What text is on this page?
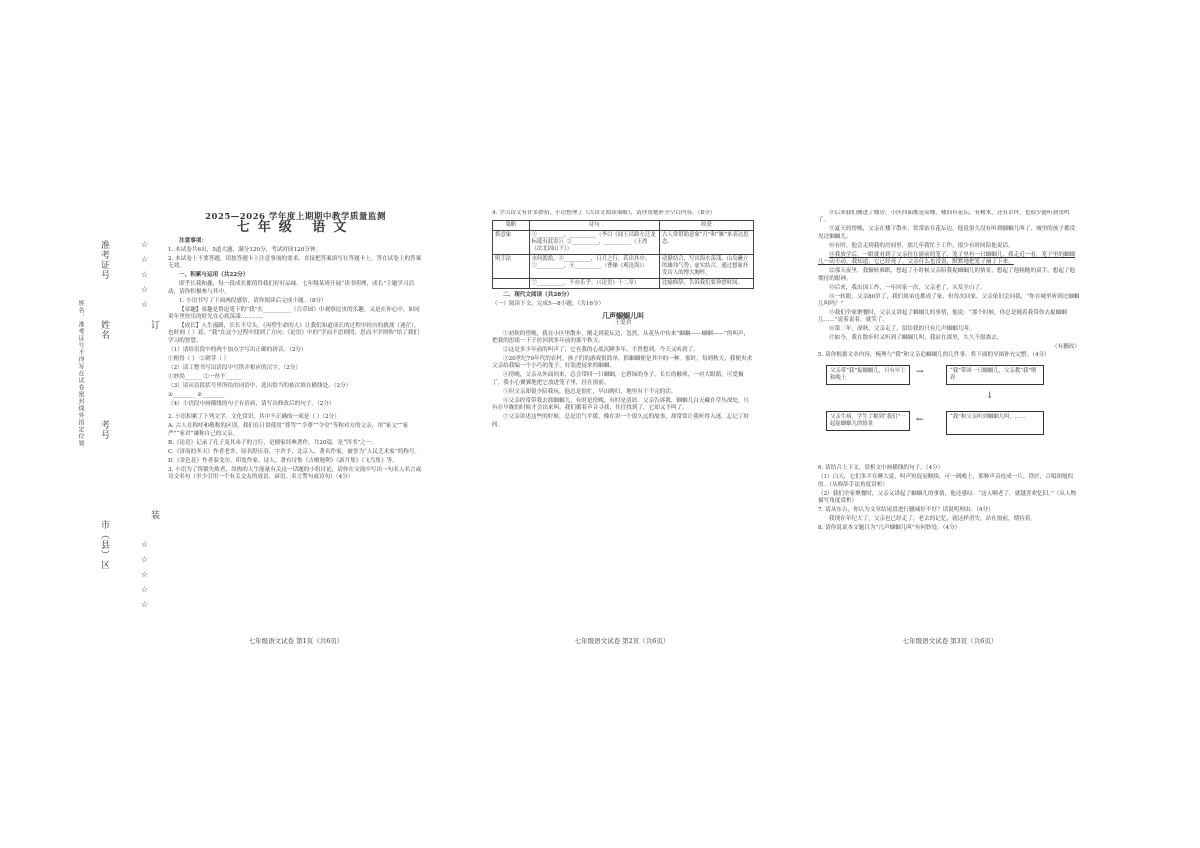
☆☆☆☆☆
☆☆☆☆☆
准考证号
姓名
考号
市（县）区
姓名、准考证号不得写在试卷密封线外指定位置	订
装
2025—2026 学年度上期期中教学质量监测
七年级 语文

注意事项：

1. 本试卷共6页，5道大题，满分120分，考试时间120分钟。

2. 本试卷上不要答题，请按答题卡上注意事项的要求，直接把答案填写在答题卡上。答在试卷上的答案无效。

一、积累与运用（共22分）

即乎长我和鑫，每一段成长都值得我们好好品味。七年级某班开展“读书明理，成长”主题学习活动，请你积极参与其中。

1. 小语书写了下面两段感悟，请你阅读后完成小题。（8分）

【童趣】童趣是鲁迅笔下的“我”在__________（百草园）中观察昆虫的乐趣，又是在你心中，如同童年里快乐的时光在心底荡漾…………

【成长】人生漫路，长长不尽头。《再塑生命的人》让我们知道成长的过程中经历的挑战（迷茫），也时刻（ ）着，“我”在这个过程中找到了方向；《论语》中的“学而不思则罔，思而不学则殆”给了我们学习的智慧。

（1）请给语段中的两个加点字写出正确的拼音。（2分）

①酌得（ ） ②刺芽（ ）

（2）请工整书写出语段中写错并相应的汉字。（2分）

①妙尚______ ②一丝不______

（3）请从语段括号里所给的词语中，选出恰当的依次填在横线处。（2分）

①________ ②________

（4）小语段中画横线的句子有语病，请写出修改后的句子。（2分）

2. 小语积累了下列文学、文化常识，其中不正确的一项是（ ）（2分）

A. 古人在称呼和敬称的区别，我们在日常使用“尊驾”“令尊”“令堂”等称对方的父亲，用“家父”“家严”“家君”谦称自己的父亲。

B.《论语》记录了孔子及其弟子的言行，是儒家经典著作，共20篇，是“四书”之一。

C.《济南的冬天》作者老舍，原名舒庆春，字舍予，北京人，著名作家，被誉为“人民艺术家”的称号。

D.《金色花》作者泰戈尔，印度作家、诗人，著有诗集《吉檀迦利》《新月集》《飞鸟集》等。

3. 小语为了铸锻失败者，昂热的人生能量有关这一话题的小组讨论，请你在交流中写出一句名人名言或诗文名句（至少引用一个有关交友的成语、谚语、名言警句或诗句）（4分）

七年级语文试卷 第1页（共6页）

4. 学古诗文有许多妙招，小语整理了《古诗文阅读策略》，请你帮她补全空白内容。（8分）

策略	诗句	收获
抓意象	①__________，__________（李白《闻王昌龄左迁龙标遥有此寄》）②__________，__________（王湾《次北固山下》）	古人常借助意象“月”和“雁”来表达思念。
明手法	水何澹澹，③__________，日月之行，若出其中；⑤__________，⑥__________（曹操《观沧海》）	动静结合，写出海水荡漾、山岛矗立的雄伟气势；虚实结合，通过想象抒发诗人的博大胸怀。
	⑦__________，不亦乐乎。（《论语》十二章）	比喻修辞，告诉我们要珍惜时间。

二、现代文阅读（共28分）

（一）阅读下文，完成5—8小题。（共16分）

几声蝈蝈儿叫
王爱君

①初秋的傍晚，我在小区里散步，刚走到花坛边，忽然，从花丛中传来“蝈蝈——蝈蝈——”的叫声，把我的思绪一下子拉回到多年前的那个秋天。

②这是多少年前的叫声了，它在我的心底沉睡多年，不曾想到，今天又听到了。

③20世纪70年代的农村，孩子们的游戏很简单，抓蝈蝈便是其中的一种。那时，每到秋天，我便央求父亲给我编一个小巧的笼子，好装进捉来的蝈蝈。

④傍晚，父亲从外面回来，总会带回一只蝈蝈，它碧绿的身子，长长的触须，一对大眼睛，可爱极了。我小心翼翼地把它放进笼子里，挂在窗前。

⑤但父亲却很少陪我玩，他总是很忙，早出晚归，地里有干不完的活。

⑥父亲经常带我去抓蝈蝈儿，有时是傍晚，有时是清晨。父亲告诉我，蝈蝈儿白天藏在草丛深处，只有在早晚的时候才会出来叫。我们循着声音寻找，往往找到了，它却又不叫了。

⑦父亲讲述这些的时候，总是语气平缓，像在讲一个很久远的故事，却常常让我听得入迷，忘记了时间。

七年级语文试卷 第2页（共6页）

⑧后来我们搬进了楼房，小区四面都是高楼，楼间有花坛，有树木，还有草坪，也很少能听到虫鸣了。

⑨夏天的傍晚，父亲在楼下散步，常常站在花坛边，他说很久没有听到蝈蝈儿叫了，城里的孩子都没见过蝈蝈儿。

⑩有时，他会走到我的房间里，那几年我忙于工作，很少有时间陪他说话。

⑪我放学后，一眼就看到了父亲挂在窗前的笼子，笼子里有一只蝈蝈儿，我走近一看，笼子里的蝈蝈儿一动不动，我知道，它已经死了。父亲什么也没说，默默地把笼子摘了下来。

⑫那天夜里，我辗转难眠，想起了小时候父亲陪我捉蝈蝈儿的情景，想起了他粗糙的双手，想起了他期待的眼神。

⑬后来，我出国工作，一年回家一次，父亲老了，头发全白了。

⑭一转眼，父亲80岁了，我们姐弟也都成了家，但每次回家，父亲依旧会问我，“你在城里听到过蝈蝈儿叫吗？”

⑮我们全家聚餐时，父亲又讲起了蝈蝈儿的事情，他说：“那个时候，你总是缠着我带你去捉蝈蝈儿……”说着说着，就笑了。

⑯第二年，深秋，父亲走了，留给我的只有几声蝈蝈儿叫。

⑰如今，我在散步时又听到了蝈蝈儿叫，我站在那里，久久不愿离去。

（有删改）

5. 请你根据文章内容，梳理与“我”和父亲追蝈蝈儿的几件事，将下面的导图补充完整。（4分）

父亲带“我”捉蝈蝈儿，只有早上和晚上
→	“我”带回一只蝈蝈儿，父亲教“我”喂养
↓
“我”和父亲听到蝈蝈儿叫，……
←
父亲生病，学生了解到“我们”一起捉蝈蝈儿的情景

6. 请结合上下文，赏析文中画横线的句子。（4分）

（1）白天，它们多半在睡大觉，叫声短促而断续，可一到晚上，那种声音连成一片，铁匠，合唱团般似的。（从修辞手法角度赏析）

（2）我们全家聚餐时，父亲又讲起了蝈蝈儿的事情，他还感叹：“这人啊老了，就越喜欢忆旧。”（从人物描写角度赏析）

7. 请从东吉，你认为文章结尾段进行删减好不好？请说明理由。（4分）

我现在年纪大了，父亲也已经走了，老去的记忆，就这样消失，站在窗前，期待着。

8. 请你说说本文题目为“几声蝈蝈儿叫”有何妙处。（4分）

七年级语文试卷 第3页（共6页）
